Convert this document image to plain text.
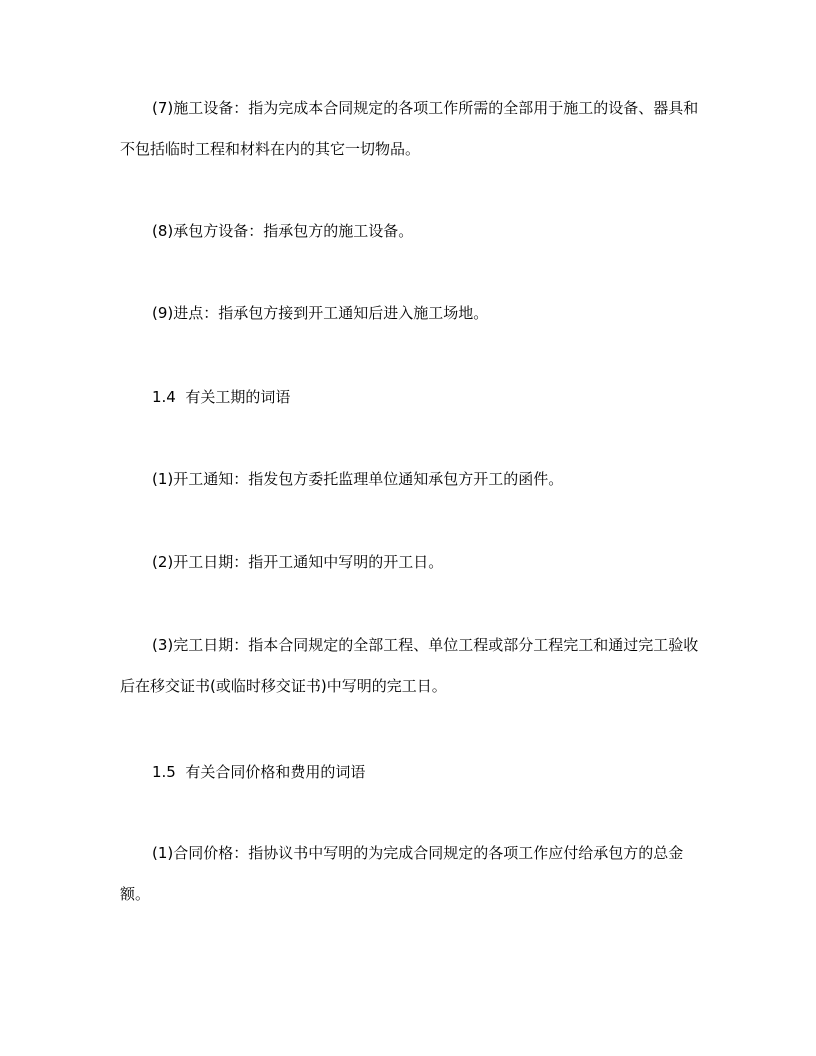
(7)施工设备：指为完成本合同规定的各项工作所需的全部用于施工的设备、器具和不包括临时工程和材料在内的其它一切物品。
(8)承包方设备：指承包方的施工设备。
(9)进点：指承包方接到开工通知后进入施工场地。
1.4  有关工期的词语
(1)开工通知：指发包方委托监理单位通知承包方开工的函件。
(2)开工日期：指开工通知中写明的开工日。
(3)完工日期：指本合同规定的全部工程、单位工程或部分工程完工和通过完工验收后在移交证书(或临时移交证书)中写明的完工日。
1.5  有关合同价格和费用的词语
(1)合同价格：指协议书中写明的为完成合同规定的各项工作应付给承包方的总金额。
